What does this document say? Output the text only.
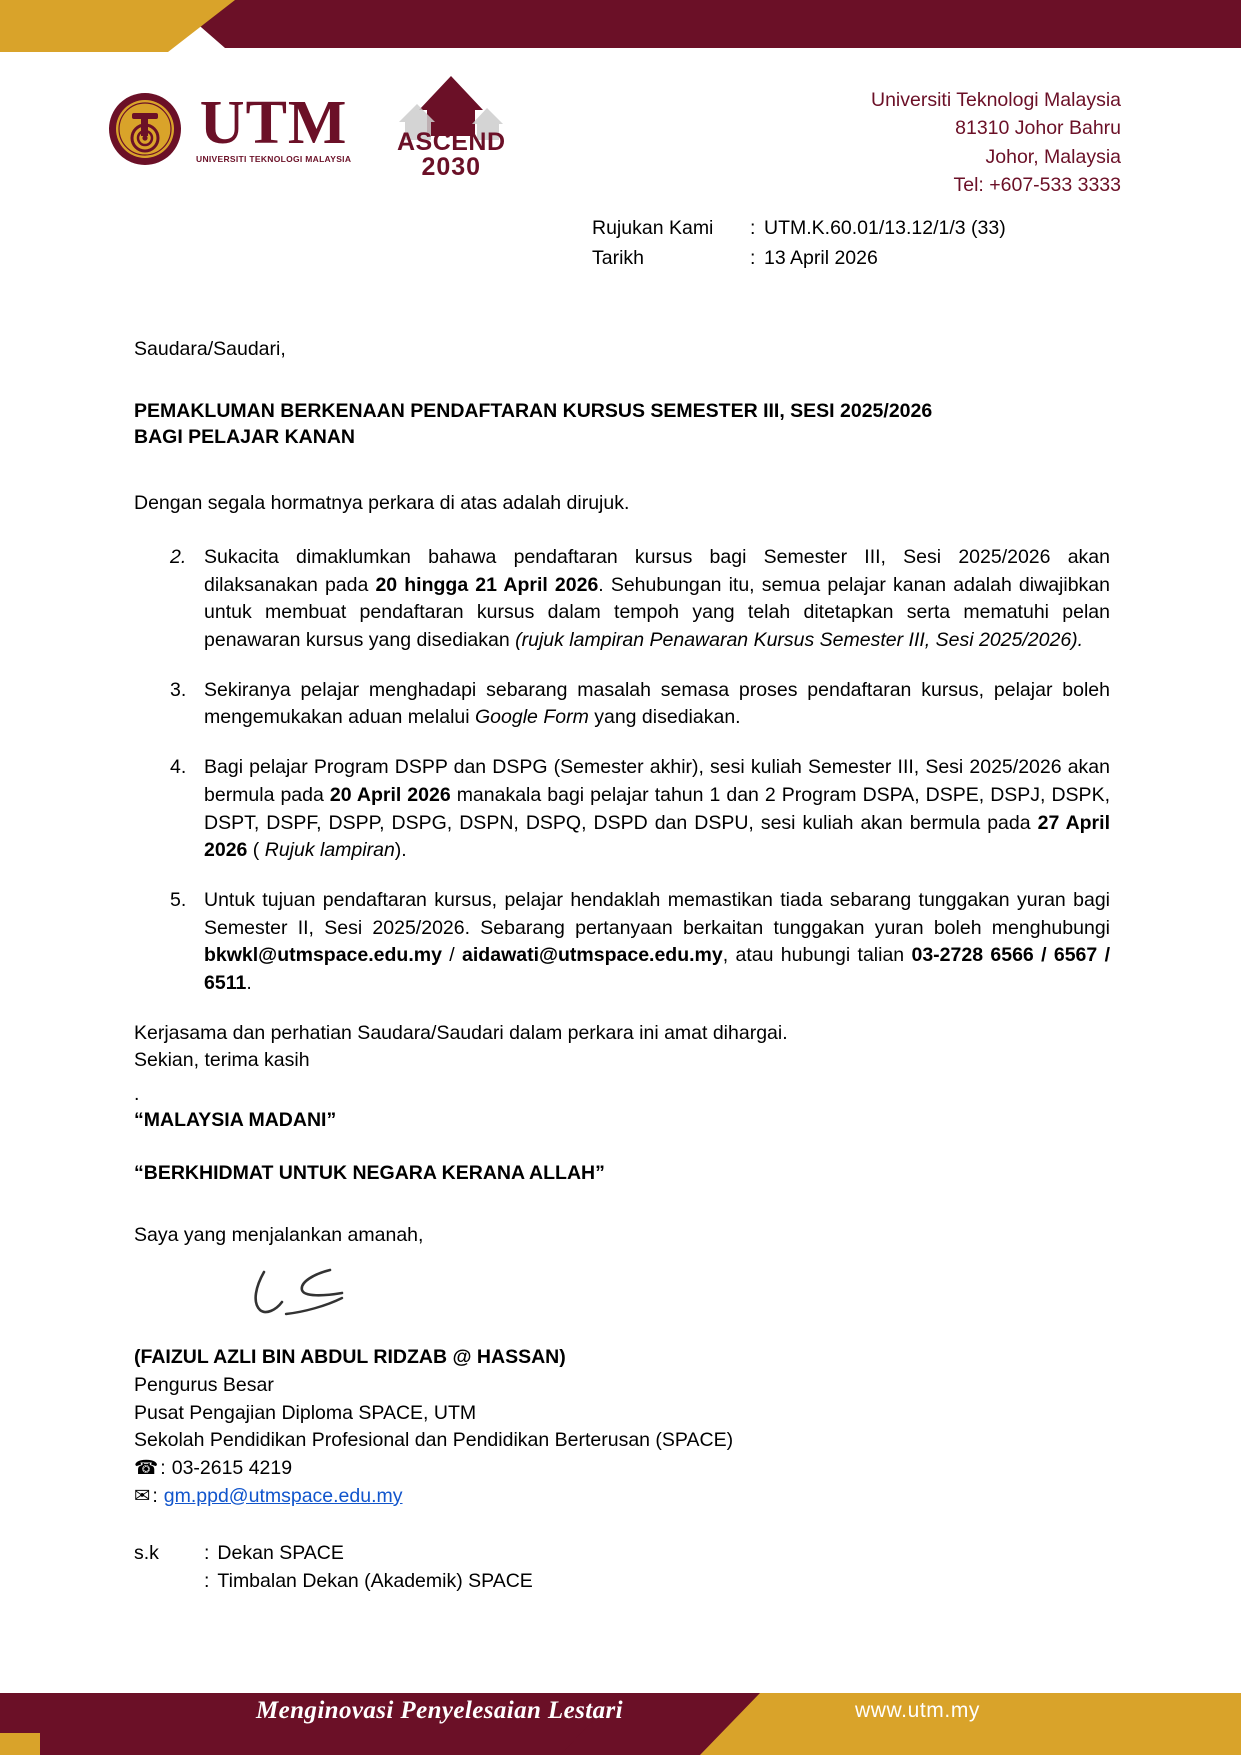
UTM
UNIVERSITI TEKNOLOGI MALAYSIA
ASCEND
2030
Universiti Teknologi Malaysia
81310 Johor Bahru
Johor, Malaysia
Tel: +607-533 3333
Rujukan Kami	: UTM.K.60.01/13.12/1/3 (33)
Tarikh	: 13 April 2026

Saudara/Saudari,

PEMAKLUMAN BERKENAAN PENDAFTARAN KURSUS SEMESTER III, SESI 2025/2026
BAGI PELAJAR KANAN

Dengan segala hormatnya perkara di atas adalah dirujuk.

2. Sukacita dimaklumkan bahawa pendaftaran kursus bagi Semester III, Sesi 2025/2026 akan dilaksanakan pada 20 hingga 21 April 2026. Sehubungan itu, semua pelajar kanan adalah diwajibkan untuk membuat pendaftaran kursus dalam tempoh yang telah ditetapkan serta mematuhi pelan penawaran kursus yang disediakan (rujuk lampiran Penawaran Kursus Semester III, Sesi 2025/2026).
3. Sekiranya pelajar menghadapi sebarang masalah semasa proses pendaftaran kursus, pelajar boleh mengemukakan aduan melalui Google Form yang disediakan.
4. Bagi pelajar Program DSPP dan DSPG (Semester akhir), sesi kuliah Semester III, Sesi 2025/2026 akan bermula pada 20 April 2026 manakala bagi pelajar tahun 1 dan 2 Program DSPA, DSPE, DSPJ, DSPK, DSPT, DSPF, DSPP, DSPG, DSPN, DSPQ, DSPD dan DSPU, sesi kuliah akan bermula pada 27 April 2026 ( Rujuk lampiran).
5. Untuk tujuan pendaftaran kursus, pelajar hendaklah memastikan tiada sebarang tunggakan yuran bagi Semester II, Sesi 2025/2026. Sebarang pertanyaan berkaitan tunggakan yuran boleh menghubungi bkwkl@utmspace.edu.my / aidawati@utmspace.edu.my, atau hubungi talian 03-2728 6566 / 6567 / 6511.

Kerjasama dan perhatian Saudara/Saudari dalam perkara ini amat dihargai.

Sekian, terima kasih

.

“MALAYSIA MADANI”

“BERKHIDMAT UNTUK NEGARA KERANA ALLAH”

Saya yang menjalankan amanah,

(FAIZUL AZLI BIN ABDUL RIDZAB @ HASSAN)

Pengurus Besar

Pusat Pengajian Diploma SPACE, UTM

Sekolah Pendidikan Profesional dan Pendidikan Berterusan (SPACE)

☎ : 03-2615 4219

✉ : gm.ppd@utmspace.edu.my

s.k	: Dekan SPACE
: Timbalan Dekan (Akademik) SPACE
Menginovasi Penyelesaian Lestari	www.utm.my
